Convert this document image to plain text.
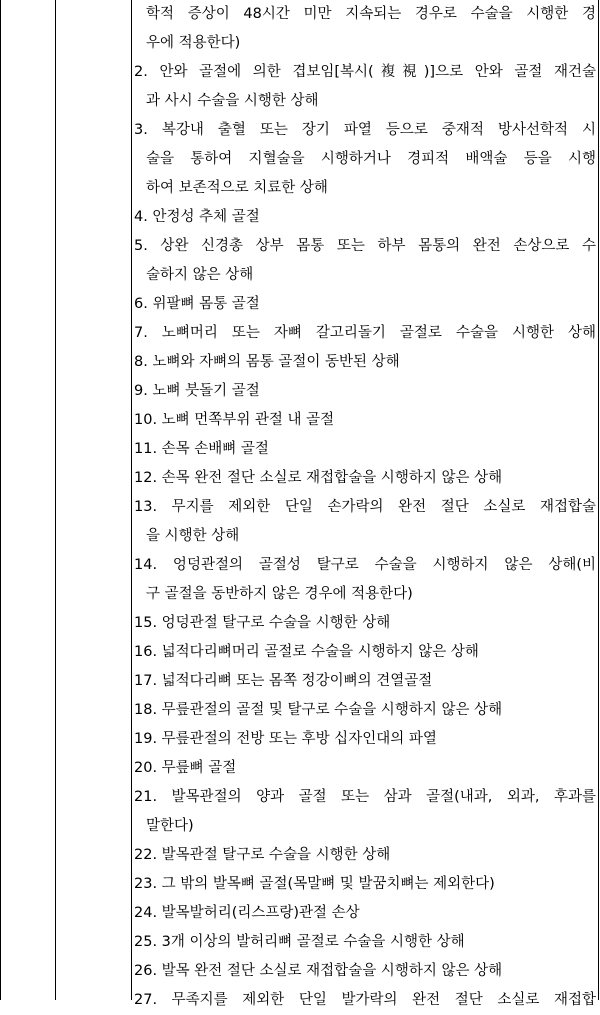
학적 증상이 48시간 미만 지속되는 경우로 수술을 시행한 경
우에 적용한다)
2. 안와 골절에 의한 겹보임[복시(複視)]으로 안와 골절 재건술
과 사시 수술을 시행한 상해
3. 복강내 출혈 또는 장기 파열 등으로 중재적 방사선학적 시
술을 통하여 지혈술을 시행하거나 경피적 배액술 등을 시행
하여 보존적으로 치료한 상해
4. 안정성 추체 골절
5. 상완 신경총 상부 몸통 또는 하부 몸통의 완전 손상으로 수
술하지 않은 상해
6. 위팔뼈 몸통 골절
7. 노뼈머리 또는 자뼈 갈고리돌기 골절로 수술을 시행한 상해
8. 노뼈와 자뼈의 몸통 골절이 동반된 상해
9. 노뼈 붓돌기 골절
10. 노뼈 먼쪽부위 관절 내 골절
11. 손목 손배뼈 골절
12. 손목 완전 절단 소실로 재접합술을 시행하지 않은 상해
13. 무지를 제외한 단일 손가락의 완전 절단 소실로 재접합술
을 시행한 상해
14. 엉덩관절의 골절성 탈구로 수술을 시행하지 않은 상해(비
구 골절을 동반하지 않은 경우에 적용한다)
15. 엉덩관절 탈구로 수술을 시행한 상해
16. 넓적다리뼈머리 골절로 수술을 시행하지 않은 상해
17. 넓적다리뼈 또는 몸쪽 정강이뼈의 견열골절
18. 무릎관절의 골절 및 탈구로 수술을 시행하지 않은 상해
19. 무릎관절의 전방 또는 후방 십자인대의 파열
20. 무릎뼈 골절
21. 발목관절의 양과 골절 또는 삼과 골절(내과, 외과, 후과를
말한다)
22. 발목관절 탈구로 수술을 시행한 상해
23. 그 밖의 발목뼈 골절(목말뼈 및 발꿈치뼈는 제외한다)
24. 발목발허리(리스프랑)관절 손상
25. 3개 이상의 발허리뼈 골절로 수술을 시행한 상해
26. 발목 완전 절단 소실로 재접합술을 시행하지 않은 상해
27. 무족지를 제외한 단일 발가락의 완전 절단 소실로 재접합
